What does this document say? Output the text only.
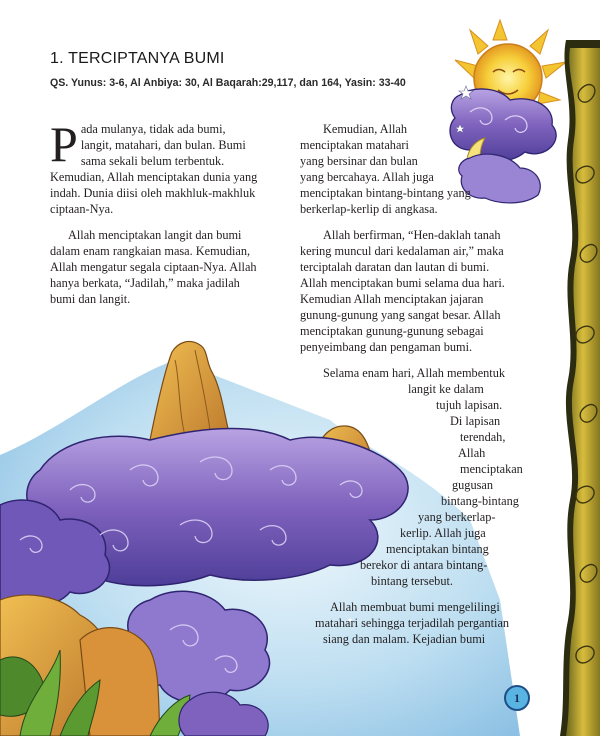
1. TERCIPTANYA BUMI
QS. Yunus: 3-6, Al Anbiya: 30, Al Baqarah:29,117, dan 164, Yasin: 33-40

P ada mulanya, tidak ada bumi,
langit, matahari, dan bulan. Bumi
sama sekali belum terbentuk.
Kemudian, Allah menciptakan dunia yang
indah. Dunia diisi oleh makhluk-makhluk
ciptaan-Nya.

Allah menciptakan langit dan bumi
dalam enam rangkaian masa. Kemudian,
Allah mengatur segala ciptaan-Nya. Allah
hanya berkata, “Jadilah,” maka jadilah
bumi dan langit.

Kemudian, Allah
menciptakan matahari
yang bersinar dan bulan
yang bercahaya. Allah juga
menciptakan bintang-bintang yang
berkerlap-kerlip di angkasa.
Allah berfirman, “Hen-daklah tanah
kering muncul dari kedalaman air,” maka
terciptalah daratan dan lautan di bumi.
Allah menciptakan bumi selama dua hari.
Kemudian Allah menciptakan jajaran
gunung-gunung yang sangat besar. Allah
menciptakan gunung-gunung sebagai
penyeimbang dan pengaman bumi.
Selama enam hari, Allah membentuk
langit ke dalam
tujuh lapisan.
Di lapisan
terendah,
Allah
menciptakan
gugusan
bintang-bintang
yang berkerlap-
kerlip. Allah juga
menciptakan bintang
berekor di antara bintang-
bintang tersebut.
Allah membuat bumi mengelilingi
matahari sehingga terjadilah pergantian
siang dan malam. Kejadian bumi
1
